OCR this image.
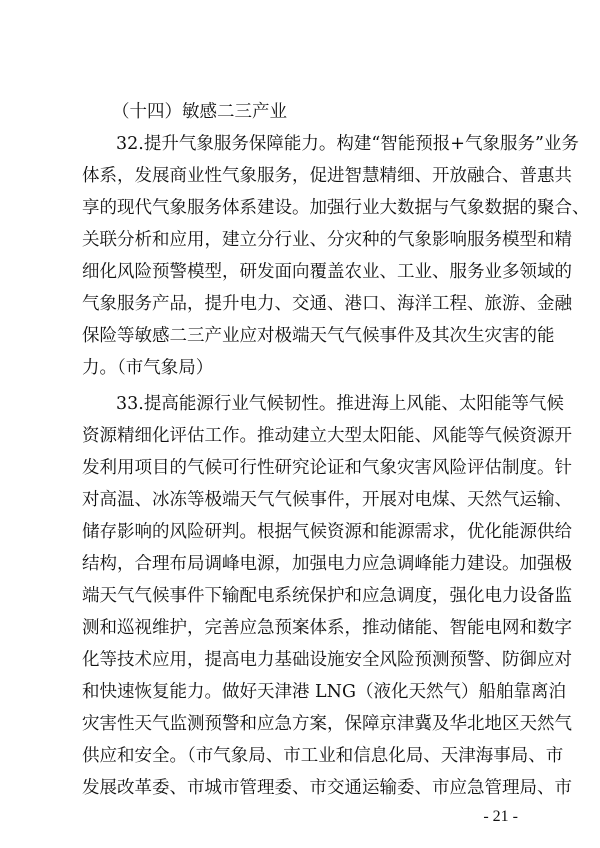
（十四）敏感二三产业
32.提升气象服务保障能力。构建“智能预报+气象服务”业务
体系，发展商业性气象服务，促进智慧精细、开放融合、普惠共
享的现代气象服务体系建设。加强行业大数据与气象数据的聚合、
关联分析和应用，建立分行业、分灾种的气象影响服务模型和精
细化风险预警模型，研发面向覆盖农业、工业、服务业多领域的
气象服务产品，提升电力、交通、港口、海洋工程、旅游、金融
保险等敏感二三产业应对极端天气气候事件及其次生灾害的能
力。（市气象局）
33.提高能源行业气候韧性。推进海上风能、太阳能等气候
资源精细化评估工作。推动建立大型太阳能、风能等气候资源开
发利用项目的气候可行性研究论证和气象灾害风险评估制度。针
对高温、冰冻等极端天气气候事件，开展对电煤、天然气运输、
储存影响的风险研判。根据气候资源和能源需求，优化能源供给
结构，合理布局调峰电源，加强电力应急调峰能力建设。加强极
端天气气候事件下输配电系统保护和应急调度，强化电力设备监
测和巡视维护，完善应急预案体系，推动储能、智能电网和数字
化等技术应用，提高电力基础设施安全风险预测预警、防御应对
和快速恢复能力。做好天津港 LNG（液化天然气）船舶靠离泊
灾害性天气监测预警和应急方案，保障京津冀及华北地区天然气
供应和安全。（市气象局、市工业和信息化局、天津海事局、市
发展改革委、市城市管理委、市交通运输委、市应急管理局、市
- 21 -
